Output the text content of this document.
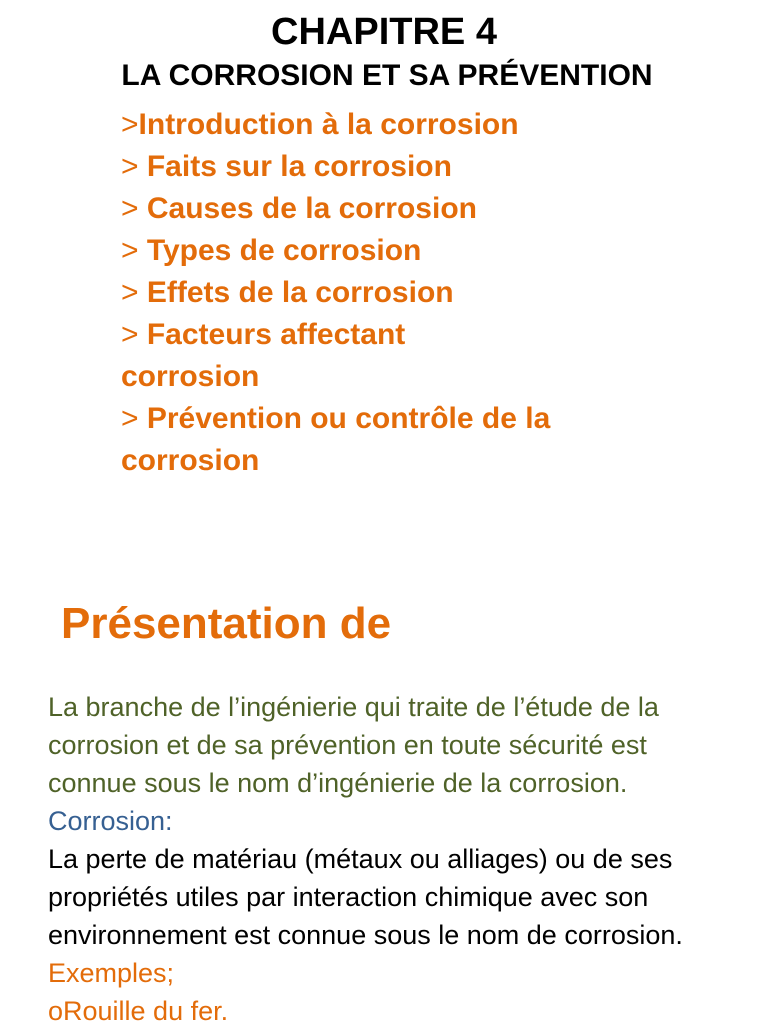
CHAPITRE 4
LA CORROSION ET SA PRÉVENTION
>Introduction à la corrosion
> Faits sur la corrosion
> Causes de la corrosion
> Types de corrosion
> Effets de la corrosion
> Facteurs affectant corrosion
> Prévention ou contrôle de la corrosion
Présentation de

La branche de l’ingénierie qui traite de l’étude de la corrosion et de sa prévention en toute sécurité est connue sous le nom d’ingénierie de la corrosion.

Corrosion:

La perte de matériau (métaux ou alliages) ou de ses propriétés utiles par interaction chimique avec son environnement est connue sous le nom de corrosion. Exemples;

oRouille du fer.
